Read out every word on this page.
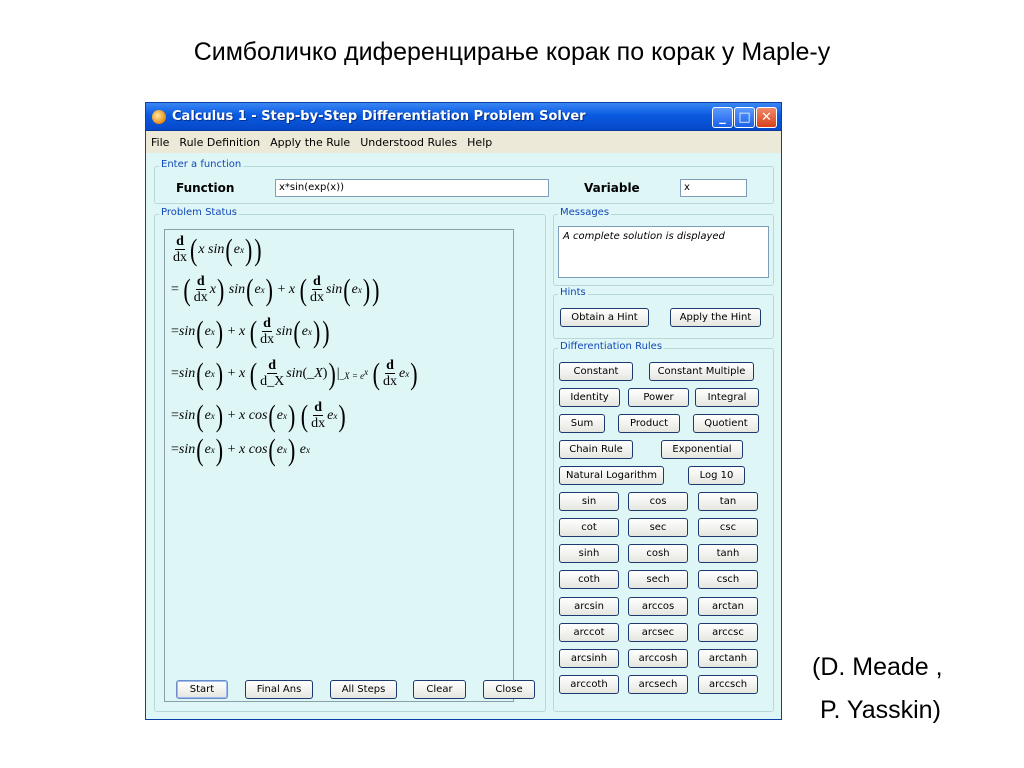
Симболичко диференцирање корак по корак у Maple-у
Calculus 1 - Step-by-Step Differentiation Problem Solver	_ □ ✕
File Rule Definition Apply the Rule Understood Rules Help
Enter a function
Function	x*sin(exp(x))	Variable	x
Problem Status
$\frac{d}{dx}$ ( x
sin ( e x ) )
=
( $\frac{d}{dx}$ x )
sin ( e x )
+
x
( $\frac{d}{dx}$ sin ( e x ) )
= sin ( e x )
+
x
( $\frac{d}{dx}$ sin ( e x ) )
= sin ( e x )
+
x
( $\frac{d}{d\_X}$ sin ( _X ) ) | _X = $e^x$
( $\frac{d}{dx}$ e x )
= sin ( e x )
+
x
cos ( e x )
( $\frac{d}{dx}$ e x )
= sin ( e x )
+
x
cos ( e x )
e x
Start	Final Ans	All Steps	Clear	Close
Messages
A complete solution is displayed
Hints
Obtain a Hint	Apply the Hint
Differentiation Rules
Constant	Constant Multiple
Identity	Power	Integral
Sum	Product	Quotient
Chain Rule	Exponential
Natural Logarithm	Log 10
sin	cos	tan
cot	sec	csc
sinh	cosh	tanh
coth	sech	csch
arcsin	arccos	arctan
arccot	arcsec	arccsc
arcsinh	arccosh	arctanh
arccoth	arcsech	arccsch
(D. Meade ,
P. Yasskin)
